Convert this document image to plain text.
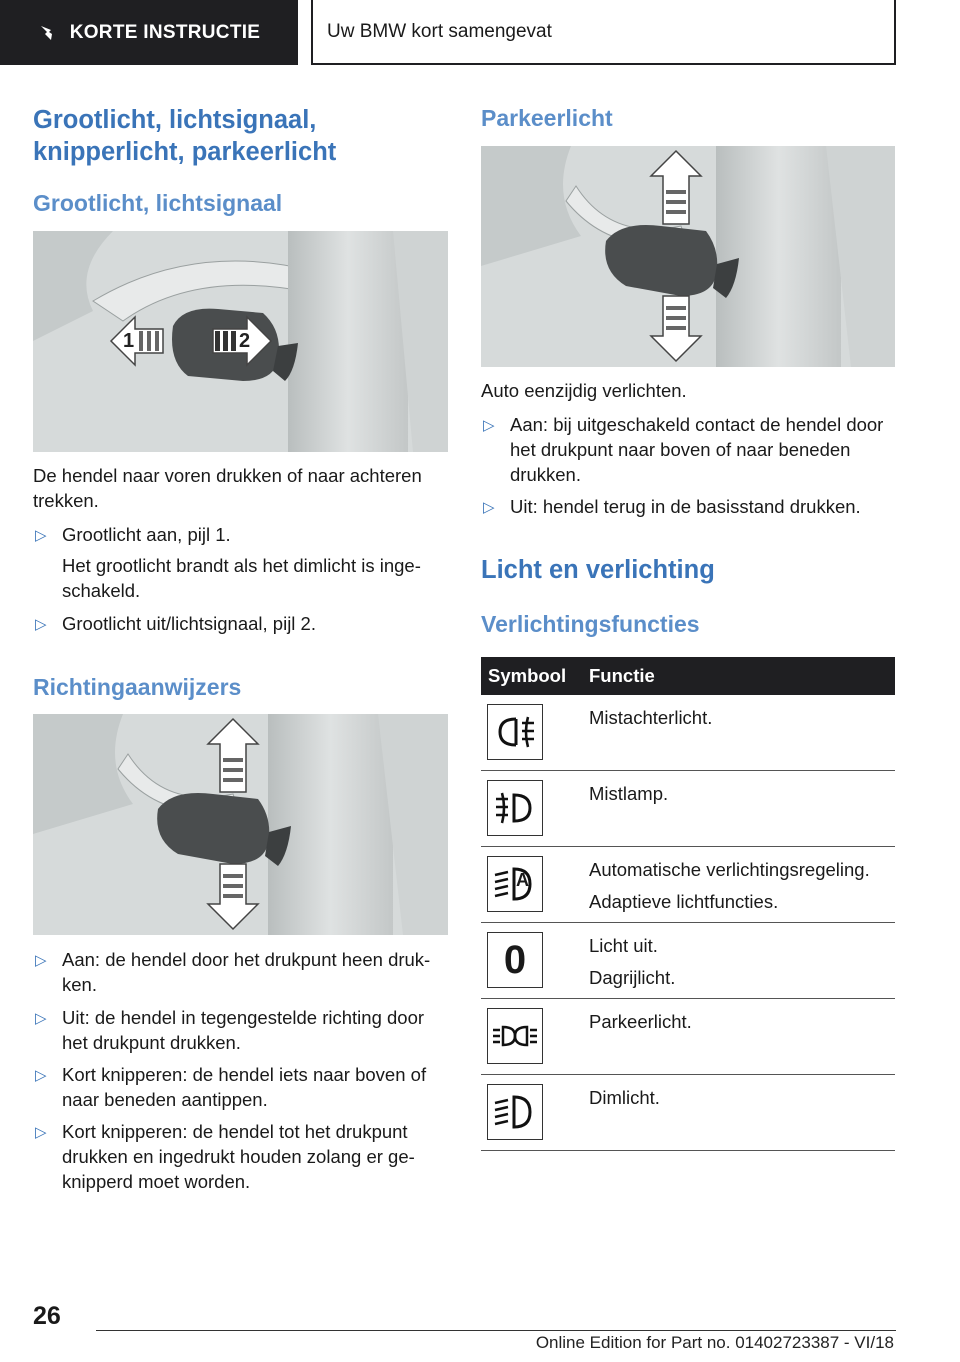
KORTE INSTRUCTIE	Uw BMW kort samengevat
Grootlicht, lichtsignaal,
knipperlicht, parkeerlicht
Grootlicht, lichtsignaal
1	2
De hendel naar voren drukken of naar achteren
trekken.
▷ Grootlicht aan, pijl 1.
Het grootlicht brandt als het dimlicht is inge-
schakeld.
▷ Grootlicht uit/lichtsignaal, pijl 2.
Richtingaanwijzers
▷ Aan: de hendel door het drukpunt heen druk-
ken.
▷ Uit: de hendel in tegengestelde richting door
het drukpunt drukken.
▷ Kort knipperen: de hendel iets naar boven of
naar beneden aantippen.
▷ Kort knipperen: de hendel tot het drukpunt
drukken en ingedrukt houden zolang er ge-
knipperd moet worden.
Parkeerlicht
Auto eenzijdig verlichten.
▷ Aan: bij uitgeschakeld contact de hendel door
het drukpunt naar boven of naar beneden
drukken.
▷ Uit: hendel terug in de basisstand drukken.
Licht en verlichting
Verlichtingsfuncties
Symbool	Functie
Mistachterlicht.
Mistlamp.
A	Automatische verlichtingsregeling.
Adaptieve lichtfuncties.
0	Licht uit.
Dagrijlicht.
Parkeerlicht.
Dimlicht.
26
Online Edition for Part no. 01402723387 - VI/18
